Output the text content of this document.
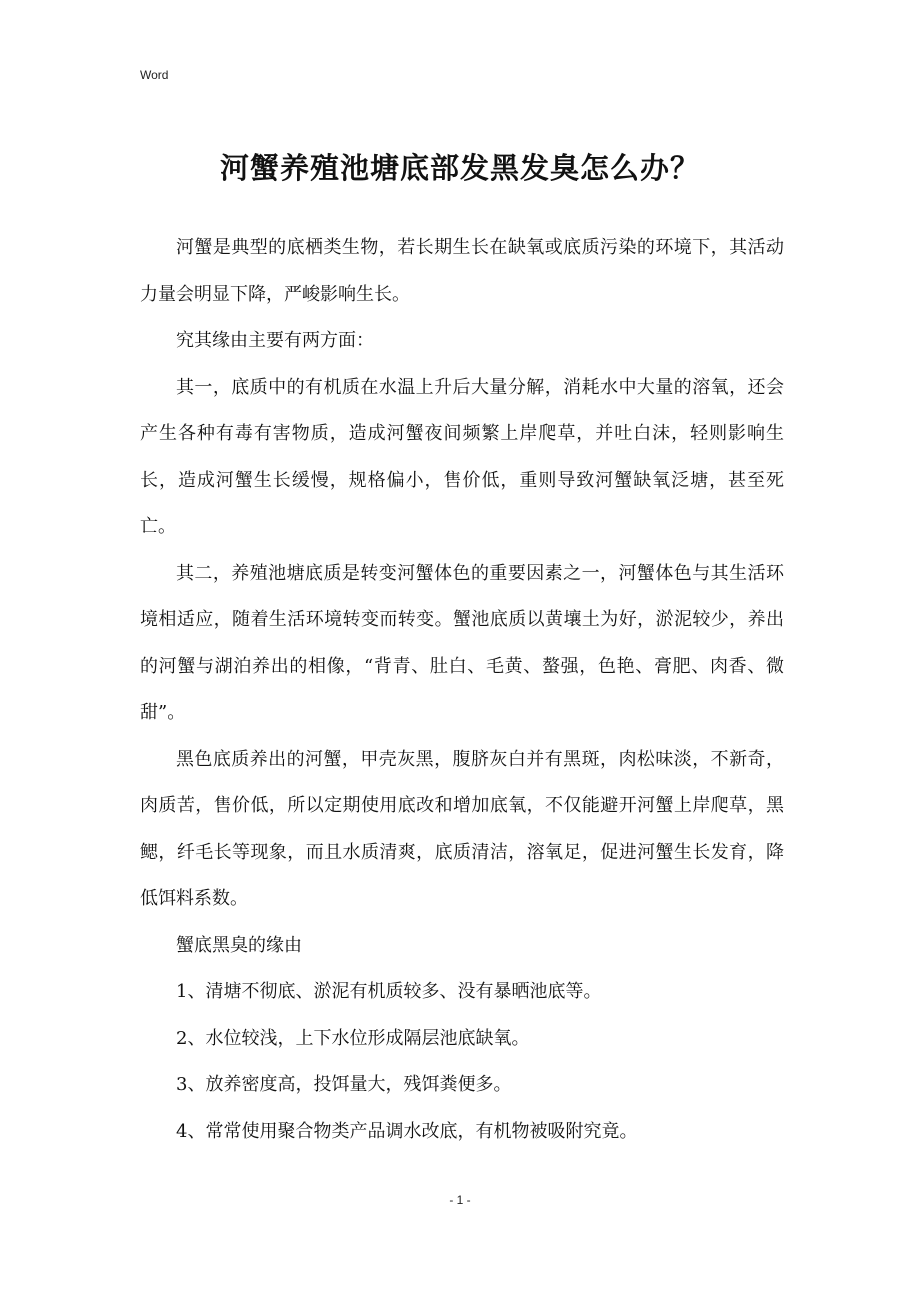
Word
河蟹养殖池塘底部发黑发臭怎么办？

河蟹是典型的底栖类生物，若长期生长在缺氧或底质污染的环境下，其活动力量会明显下降，严峻影响生长。

究其缘由主要有两方面：

其一，底质中的有机质在水温上升后大量分解，消耗水中大量的溶氧，还会产生各种有毒有害物质，造成河蟹夜间频繁上岸爬草，并吐白沫，轻则影响生长，造成河蟹生长缓慢，规格偏小，售价低，重则导致河蟹缺氧泛塘，甚至死亡。

其二，养殖池塘底质是转变河蟹体色的重要因素之一，河蟹体色与其生活环境相适应，随着生活环境转变而转变。蟹池底质以黄壤土为好，淤泥较少，养出的河蟹与湖泊养出的相像，“背青、肚白、毛黄、螯强，色艳、膏肥、肉香、微甜”。

黑色底质养出的河蟹，甲壳灰黑，腹脐灰白并有黑斑，肉松味淡，不新奇，肉质苦，售价低，所以定期使用底改和增加底氧，不仅能避开河蟹上岸爬草，黑鳃，纤毛长等现象，而且水质清爽，底质清洁，溶氧足，促进河蟹生长发育，降低饵料系数。

蟹底黑臭的缘由

1、清塘不彻底、淤泥有机质较多、没有暴晒池底等。

2、水位较浅，上下水位形成隔层池底缺氧。

3、放养密度高，投饵量大，残饵粪便多。

4、常常使用聚合物类产品调水改底，有机物被吸附究竟。

- 1 -
